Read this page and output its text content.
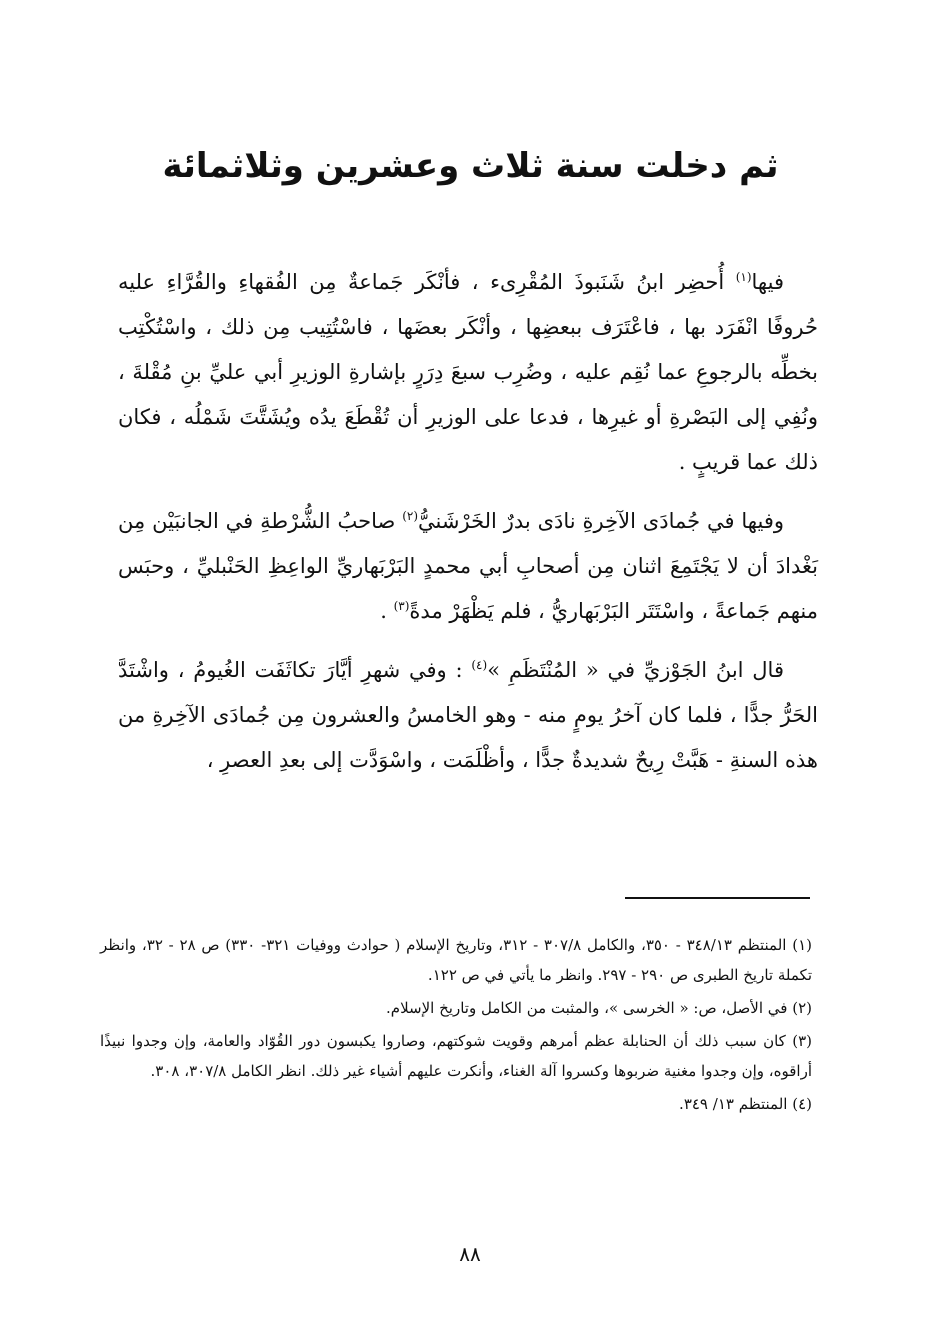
ثم دخلت سنة ثلاث وعشرين وثلاثمائة

فيها$^{(١)}$ أُحضِر ابنُ شَنَبوذَ المُقْرِىء ، فأنْكَر جَماعةٌ مِن الفُقهاءِ والقُرَّاءِ عليه حُروفًا انْفَرَد بها ، فاعْتَرَف ببعضِها ، وأنْكَر بعضَها ، فاسْتُتِيب مِن ذلك ، واسْتُكْتِب بخطِّه بالرجوعِ عما نُقِم عليه ، وضُرِب سبعَ دِرَرٍ بإشارةِ الوزيرِ أبي عليِّ بنِ مُقْلةَ ، ونُفِي إلى البَصْرةِ أو غيرِها ، فدعا على الوزيرِ أن تُقْطَعَ يدُه ويُشَتَّتَ شَمْلُه ، فكان ذلك عما قريبٍ .

وفيها في جُمادَى الآخِرةِ نادَى بدرٌ الخَرْشَنيُّ$^{(٢)}$ صاحبُ الشُّرْطةِ في الجانبَيْن مِن بَغْدادَ أن لا يَجْتَمِعَ اثنان مِن أصحابِ أبي محمدٍ البَرْبَهاريِّ الواعِظِ الحَنْبليِّ ، وحبَس منهم جَماعةً ، واسْتَتَر البَرْبَهاريُّ ، فلم يَظْهَرْ مدةً$^{(٣)}$ .

قال ابنُ الجَوْزيِّ في « المُنْتَظَمِ »$^{(٤)}$ : وفي شهرِ أيَّارَ تكاثَفَت الغُيومُ ، واشْتَدَّ الحَرُّ جدًّا ، فلما كان آخرُ يومٍ منه - وهو الخامسُ والعشرون مِن جُمادَى الآخِرةِ من هذه السنةِ - هَبَّتْ رِيحٌ شديدةٌ جدًّا ، وأظْلَمَت ، واسْوَدَّت إلى بعدِ العصرِ ،

(١) المنتظم ٣٤٨/١٣ - ٣٥٠، والكامل ٣٠٧/٨ - ٣١٢، وتاريخ الإسلام ( حوادث ووفيات ٣٢١- ٣٣٠) ص ٢٨ - ٣٢، وانظر تكملة تاريخ الطبرى ص ٢٩٠ - ٢٩٧. وانظر ما يأتي في ص ١٢٢.

(٢) في الأصل، ص: « الخرسى »، والمثبت من الكامل وتاريخ الإسلام.

(٣) كان سبب ذلك أن الحنابلة عظم أمرهم وقويت شوكتهم، وصاروا يكبسون دور القُوّاد والعامة، وإن وجدوا نبيذًا أراقوه، وإن وجدوا مغنية ضربوها وكسروا آلة الغناء، وأنكرت عليهم أشياء غير ذلك. انظر الكامل ٣٠٧/٨، ٣٠٨.

(٤) المنتظم ١٣/ ٣٤٩.

٨٨
